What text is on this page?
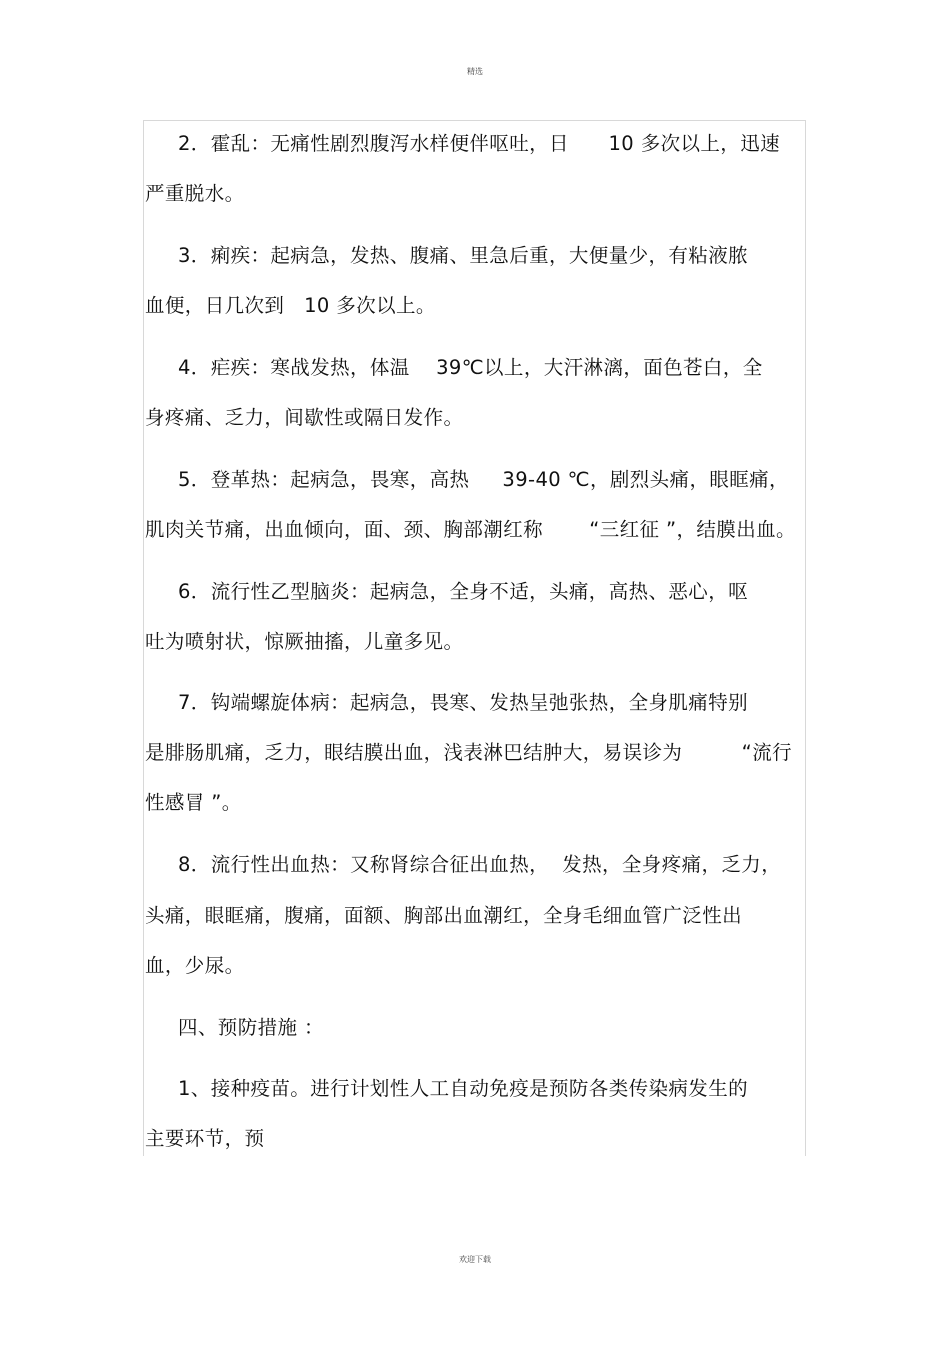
精选
2．霍乱：无痛性剧烈腹泻水样便伴呕吐，日      10 多次以上，迅速
严重脱水。
3．痢疾：起病急，发热、腹痛、里急后重，大便量少，有粘液脓
血便，日几次到   10 多次以上。
4．疟疾：寒战发热，体温    39℃以上，大汗淋漓，面色苍白，全
身疼痛、乏力，间歇性或隔日发作。
5．登革热：起病急，畏寒，高热     39-40 ℃，剧烈头痛，眼眶痛，
肌肉关节痛，出血倾向，面、颈、胸部潮红称       “三红征 ”，结膜出血。
6．流行性乙型脑炎：起病急，全身不适，头痛，高热、恶心，呕
吐为喷射状，惊厥抽搐，儿童多见。
7．钩端螺旋体病：起病急，畏寒、发热呈弛张热，全身肌痛特别
是腓肠肌痛，乏力，眼结膜出血，浅表淋巴结肿大，易误诊为         “流行
性感冒 ”。
8．流行性出血热：又称肾综合征出血热，  发热，全身疼痛，乏力，
头痛，眼眶痛，腹痛，面额、胸部出血潮红，全身毛细血管广泛性出
血，少尿。
四、预防措施 ：
1、接种疫苗。进行计划性人工自动免疫是预防各类传染病发生的
主要环节，预
欢迎下载
